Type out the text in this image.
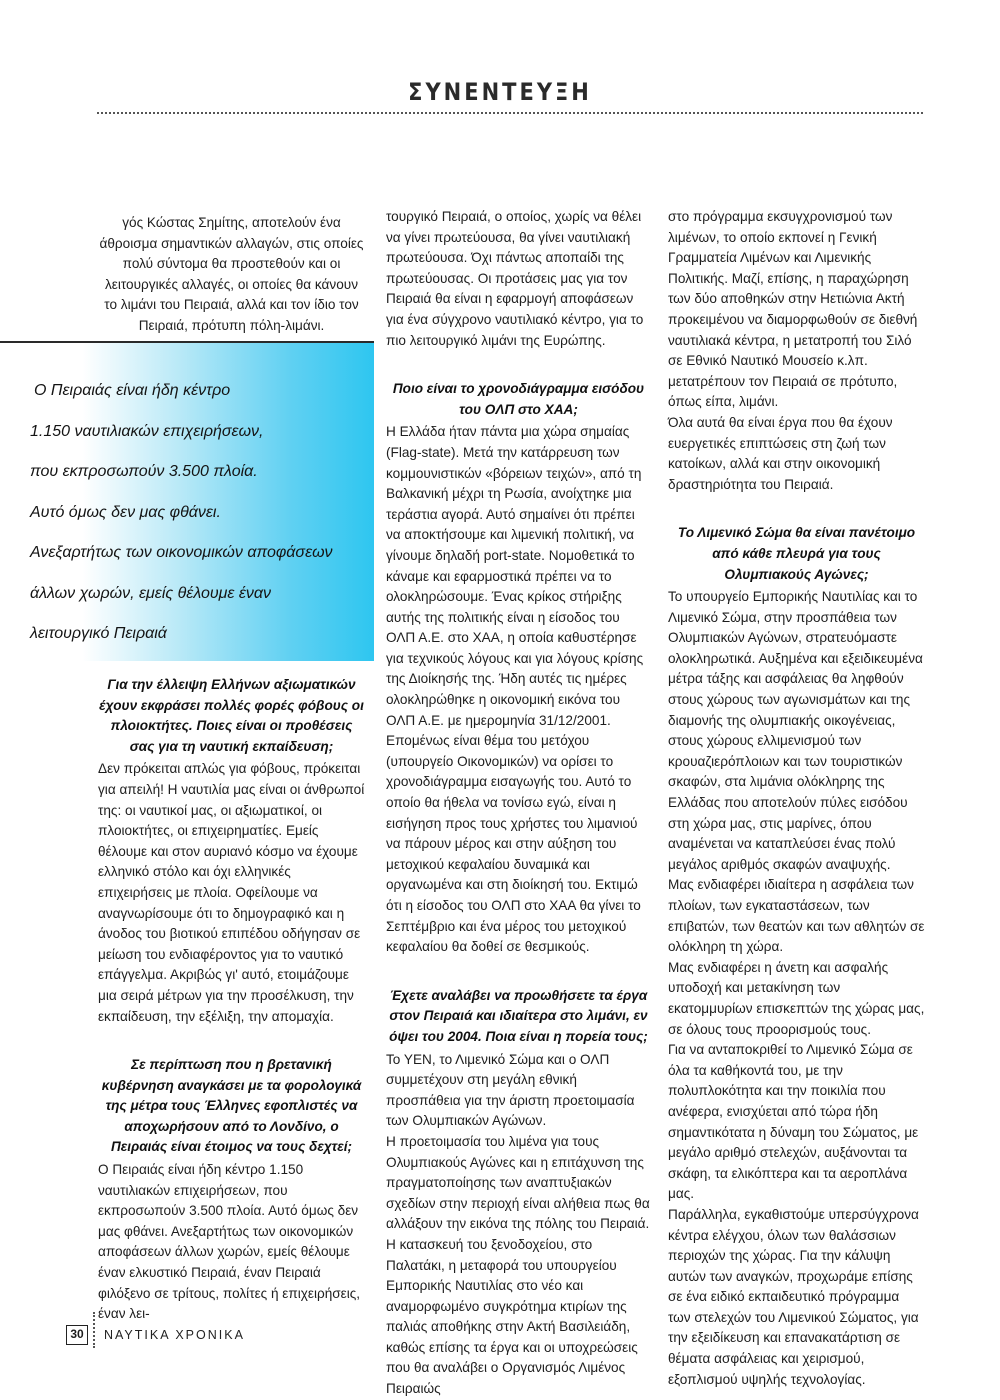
ΣΥΝΕΝΤΕΥΞΗ

γός Κώστας Σημίτης, αποτελούν ένα άθροισμα σημαντικών αλλαγών, στις οποίες πολύ σύντομα θα προστεθούν και οι λειτουργικές αλλαγές, οι οποίες θα κάνουν το λιμάνι του Πειραιά, αλλά και τον ίδιο τον Πειραιά, πρότυπη πόλη-λιμάνι.

Ο Πειραιάς είναι ήδη κέντρο

1.150 ναυτιλιακών επιχειρήσεων,

που εκπροσωπούν 3.500 πλοία.

Αυτό όμως δεν μας φθάνει.

Ανεξαρτήτως των οικονομικών αποφάσεων

άλλων χωρών, εμείς θέλουμε έναν

λειτουργικό Πειραιά

Για την έλλειψη Ελλήνων αξιωματικών έχουν εκφράσει πολλές φορές φόβους οι πλοιοκτήτες. Ποιες είναι οι προθέσεις σας για τη ναυτική εκπαίδευση;

Δεν πρόκειται απλώς για φόβους, πρόκειται για απειλή! Η ναυτιλία μας είναι οι άνθρωποί της: οι ναυτικοί μας, οι αξιωματικοί, οι πλοιοκτήτες, οι επιχειρηματίες. Εμείς θέλουμε και στον αυριανό κόσμο να έχουμε ελληνικό στόλο και όχι ελληνικές επιχειρήσεις με πλοία. Οφείλουμε να αναγνωρίσουμε ότι το δημογραφικό και η άνοδος του βιοτικού επιπέδου οδήγησαν σε μείωση του ενδιαφέροντος για το ναυτικό επάγγελμα. Ακριβώς γι' αυτό, ετοιμάζουμε μια σειρά μέτρων για την προσέλκυση, την εκπαίδευση, την εξέλιξη, την απομαχία.

Σε περίπτωση που η βρετανική κυβέρνηση αναγκάσει με τα φορολογικά της μέτρα τους Έλληνες εφοπλιστές να αποχωρήσουν από το Λονδίνο, ο Πειραιάς είναι έτοιμος να τους δεχτεί;

Ο Πειραιάς είναι ήδη κέντρο 1.150 ναυτιλιακών επιχειρήσεων, που εκπροσωπούν 3.500 πλοία. Αυτό όμως δεν μας φθάνει. Ανεξαρτήτως των οικονομικών αποφάσεων άλλων χωρών, εμείς θέλουμε έναν ελκυστικό Πειραιά, έναν Πειραιά φιλόξενο σε τρίτους, πολίτες ή επιχειρήσεις, έναν λει-

τουργικό Πειραιά, ο οποίος, χωρίς να θέλει να γίνει πρωτεύουσα, θα γίνει ναυτιλιακή πρωτεύουσα. Όχι πάντως αποπαίδι της πρωτεύουσας. Οι προτάσεις μας για τον Πειραιά θα είναι η εφαρμογή αποφάσεων για ένα σύγχρονο ναυτιλιακό κέντρο, για το πιο λειτουργικό λιμάνι της Ευρώπης.

Ποιο είναι το χρονοδιάγραμμα εισόδου του ΟΛΠ στο ΧΑΑ;

Η Ελλάδα ήταν πάντα μια χώρα σημαίας (Flag-state). Μετά την κατάρρευση των κομμουνιστικών «βόρειων τειχών», από τη Βαλκανική μέχρι τη Ρωσία, ανοίχτηκε μια τεράστια αγορά. Αυτό σημαίνει ότι πρέπει να αποκτήσουμε και λιμενική πολιτική, να γίνουμε δηλαδή port-state. Νομοθετικά το κάναμε και εφαρμοστικά πρέπει να το ολοκληρώσουμε. Ένας κρίκος στήριξης αυτής της πολιτικής είναι η είσοδος του ΟΛΠ Α.Ε. στο ΧΑΑ, η οποία καθυστέρησε για τεχνικούς λόγους και για λόγους κρίσης της Διοίκησής της. Ήδη αυτές τις ημέρες ολοκληρώθηκε η οικονομική εικόνα του ΟΛΠ Α.Ε. με ημερομηνία 31/12/2001. Επομένως είναι θέμα του μετόχου (υπουργείο Οικονομικών) να ορίσει το χρονοδιάγραμμα εισαγωγής του. Αυτό το οποίο θα ήθελα να τονίσω εγώ, είναι η εισήγηση προς τους χρήστες του λιμανιού να πάρουν μέρος και στην αύξηση του μετοχικού κεφαλαίου δυναμικά και οργανωμένα και στη διοίκησή του. Εκτιμώ ότι η είσοδος του ΟΛΠ στο ΧΑΑ θα γίνει το Σεπτέμβριο και ένα μέρος του μετοχικού κεφαλαίου θα δοθεί σε θεσμικούς.

Έχετε αναλάβει να προωθήσετε τα έργα στον Πειραιά και ιδιαίτερα στο λιμάνι, εν όψει του 2004. Ποια είναι η πορεία τους;

Το ΥΕΝ, το Λιμενικό Σώμα και ο ΟΛΠ συμμετέχουν στη μεγάλη εθνική προσπάθεια για την άριστη προετοιμασία των Ολυμπιακών Αγώνων.

Η προετοιμασία του λιμένα για τους Ολυμπιακούς Αγώνες και η επιτάχυνση της πραγματοποίησης των αναπτυξιακών σχεδίων στην περιοχή είναι αλήθεια πως θα αλλάξουν την εικόνα της πόλης του Πειραιά. Η κατασκευή του ξενοδοχείου, στο Παλατάκι, η μεταφορά του υπουργείου Εμπορικής Ναυτιλίας στο νέο και αναμορφωμένο συγκρότημα κτιρίων της παλιάς αποθήκης στην Ακτή Βασιλειάδη, καθώς επίσης τα έργα και οι υποχρεώσεις που θα αναλάβει ο Οργανισμός Λιμένος Πειραιώς

στο πρόγραμμα εκσυγχρονισμού των λιμένων, το οποίο εκπονεί η Γενική Γραμματεία Λιμένων και Λιμενικής Πολιτικής. Μαζί, επίσης, η παραχώρηση των δύο αποθηκών στην Ηετιώνια Ακτή προκειμένου να διαμορφωθούν σε διεθνή ναυτιλιακά κέντρα, η μετατροπή του Σιλό σε Εθνικό Ναυτικό Μουσείο κ.λπ. μετατρέπουν τον Πειραιά σε πρότυπο, όπως είπα, λιμάνι.

Όλα αυτά θα είναι έργα που θα έχουν ευεργετικές επιπτώσεις στη ζωή των κατοίκων, αλλά και στην οικονομική δραστηριότητα του Πειραιά.

Το Λιμενικό Σώμα θα είναι πανέτοιμο από κάθε πλευρά για τους Ολυμπιακούς Αγώνες;

Το υπουργείο Εμπορικής Ναυτιλίας και το Λιμενικό Σώμα, στην προσπάθεια των Ολυμπιακών Αγώνων, στρατευόμαστε ολοκληρωτικά. Αυξημένα και εξειδικευμένα μέτρα τάξης και ασφάλειας θα ληφθούν στους χώρους των αγωνισμάτων και της διαμονής της ολυμπιακής οικογένειας, στους χώρους ελλιμενισμού των κρουαζιερόπλοιων και των τουριστικών σκαφών, στα λιμάνια ολόκληρης της Ελλάδας που αποτελούν πύλες εισόδου στη χώρα μας, στις μαρίνες, όπου αναμένεται να καταπλεύσει ένας πολύ μεγάλος αριθμός σκαφών αναψυχής.

Μας ενδιαφέρει ιδιαίτερα η ασφάλεια των πλοίων, των εγκαταστάσεων, των επιβατών, των θεατών και των αθλητών σε ολόκληρη τη χώρα.

Μας ενδιαφέρει η άνετη και ασφαλής υποδοχή και μετακίνηση των εκατομμυρίων επισκεπτών της χώρας μας, σε όλους τους προορισμούς τους.

Για να ανταποκριθεί το Λιμενικό Σώμα σε όλα τα καθήκοντά του, με την πολυπλοκότητα και την ποικιλία που ανέφερα, ενισχύεται από τώρα ήδη σημαντικότατα η δύναμη του Σώματος, με μεγάλο αριθμό στελεχών, αυξάνονται τα σκάφη, τα ελικόπτερα και τα αεροπλάνα μας.

Παράλληλα, εγκαθιστούμε υπερσύγχρονα κέντρα ελέγχου, όλων των θαλάσσιων περιοχών της χώρας. Για την κάλυψη αυτών των αναγκών, προχωράμε επίσης σε ένα ειδικό εκπαιδευτικό πρόγραμμα των στελεχών του Λιμενικού Σώματος, για την εξειδίκευση και επανακατάρτιση σε θέματα ασφάλειας και χειρισμού, εξοπλισμού υψηλής τεχνολογίας.

30	ΝΑΥΤΙΚΑ ΧΡΟΝΙΚΑ
